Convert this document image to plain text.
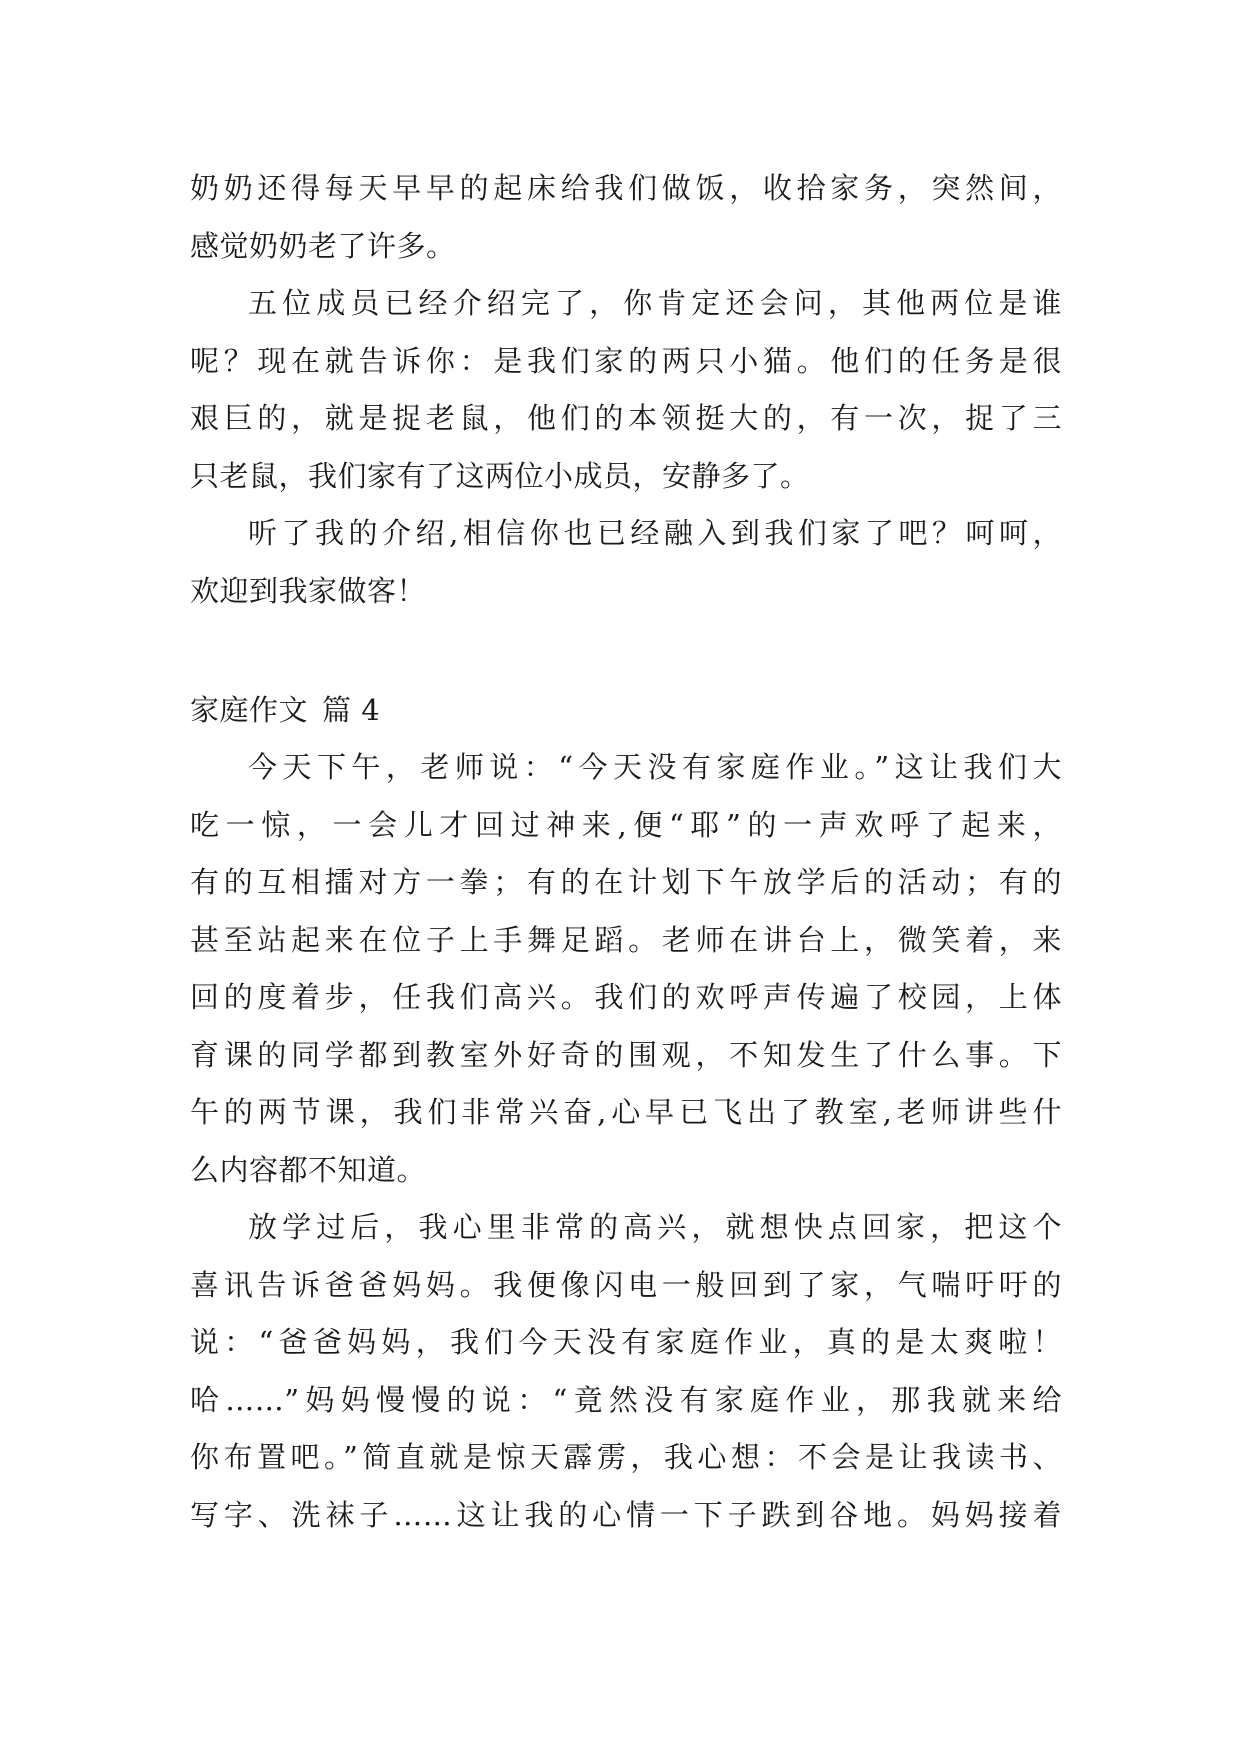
奶奶还得每天早早的起床给我们做饭，收拾家务，突然间，
感觉奶奶老了许多。
五位成员已经介绍完了，你肯定还会问，其他两位是谁
呢？现在就告诉你：是我们家的两只小猫。他们的任务是很
艰巨的，就是捉老鼠，他们的本领挺大的，有一次，捉了三
只老鼠，我们家有了这两位小成员，安静多了。
听了我的介绍,相信你也已经融入到我们家了吧？呵呵，
欢迎到我家做客！
家庭作文 篇 4
今天下午，老师说：“今天没有家庭作业。”这让我们大
吃一惊，一会儿才回过神来,便“耶”的一声欢呼了起来，
有的互相擂对方一拳；有的在计划下午放学后的活动；有的
甚至站起来在位子上手舞足蹈。老师在讲台上，微笑着，来
回的度着步，任我们高兴。我们的欢呼声传遍了校园，上体
育课的同学都到教室外好奇的围观，不知发生了什么事。下
午的两节课，我们非常兴奋,心早已飞出了教室,老师讲些什
么内容都不知道。
放学过后，我心里非常的高兴，就想快点回家，把这个
喜讯告诉爸爸妈妈。我便像闪电一般回到了家，气喘吁吁的
说：“爸爸妈妈，我们今天没有家庭作业，真的是太爽啦！
哈……”妈妈慢慢的说：“竟然没有家庭作业，那我就来给
你布置吧。”简直就是惊天霹雳，我心想：不会是让我读书、
写字、洗袜子……这让我的心情一下子跌到谷地。妈妈接着
